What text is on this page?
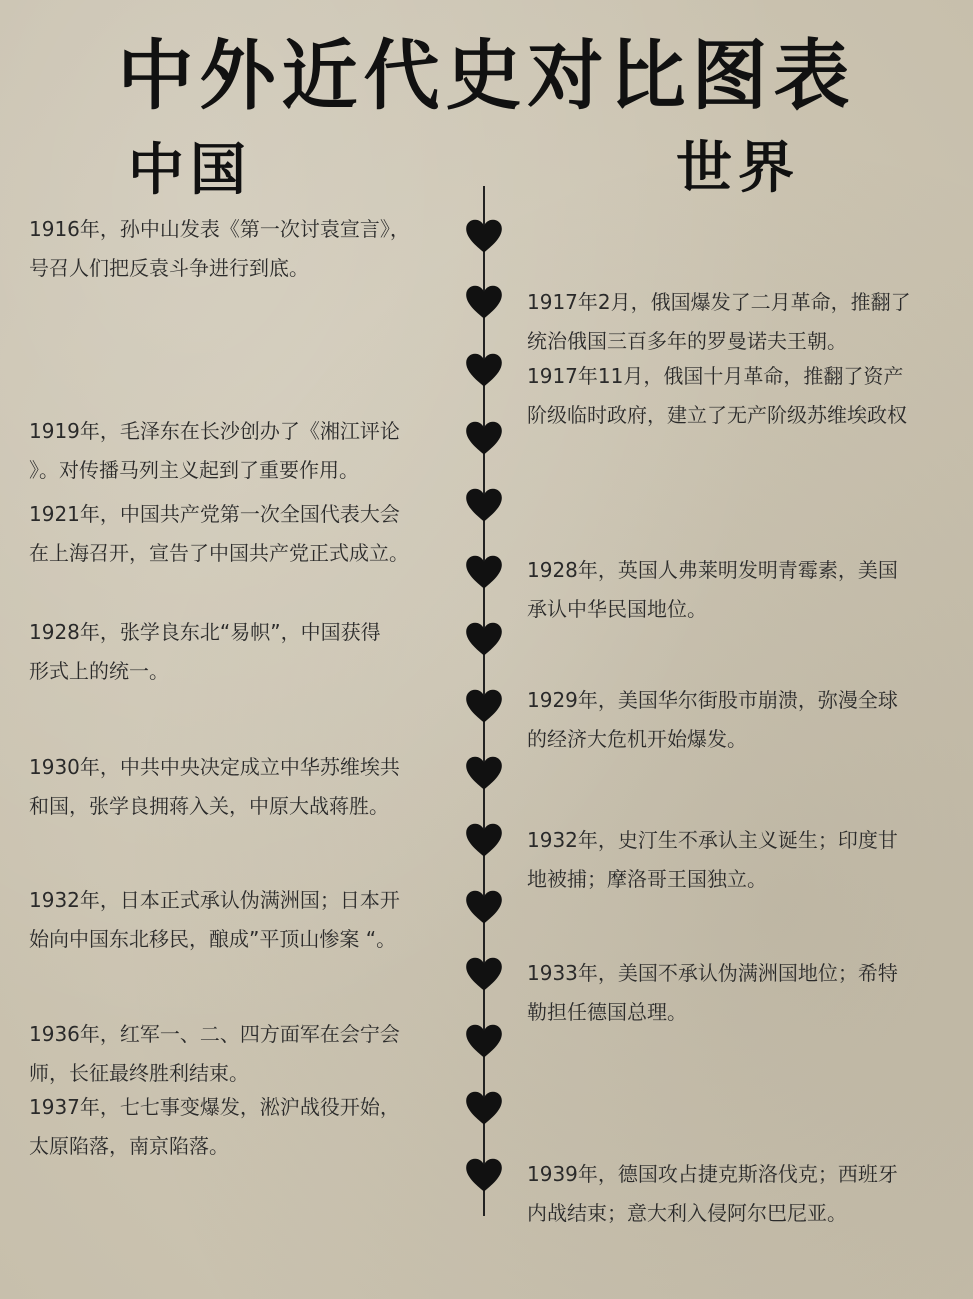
中外近代史对比图表
中国	世界
1916年，孙中山发表《第一次讨袁宣言》，
号召人们把反袁斗争进行到底。
1919年，毛泽东在长沙创办了《湘江评论
》。对传播马列主义起到了重要作用。
1921年，中国共产党第一次全国代表大会
在上海召开，宣告了中国共产党正式成立。
1928年，张学良东北“易帜”，中国获得
形式上的统一。
1930年，中共中央决定成立中华苏维埃共
和国，张学良拥蒋入关，中原大战蒋胜。
1932年，日本正式承认伪满洲国；日本开
始向中国东北移民，酿成”平顶山惨案 “。
1936年，红军一、二、四方面军在会宁会
师，长征最终胜利结束。
1937年，七七事变爆发，淞沪战役开始，
太原陷落，南京陷落。
1917年2月，俄国爆发了二月革命，推翻了
统治俄国三百多年的罗曼诺夫王朝。
1917年11月，俄国十月革命，推翻了资产
阶级临时政府，建立了无产阶级苏维埃政权
1928年，英国人弗莱明发明青霉素，美国
承认中华民国地位。
1929年，美国华尔街股市崩溃，弥漫全球
的经济大危机开始爆发。
1932年，史汀生不承认主义诞生；印度甘
地被捕；摩洛哥王国独立。
1933年，美国不承认伪满洲国地位；希特
勒担任德国总理。
1939年，德国攻占捷克斯洛伐克；西班牙
内战结束；意大利入侵阿尔巴尼亚。
